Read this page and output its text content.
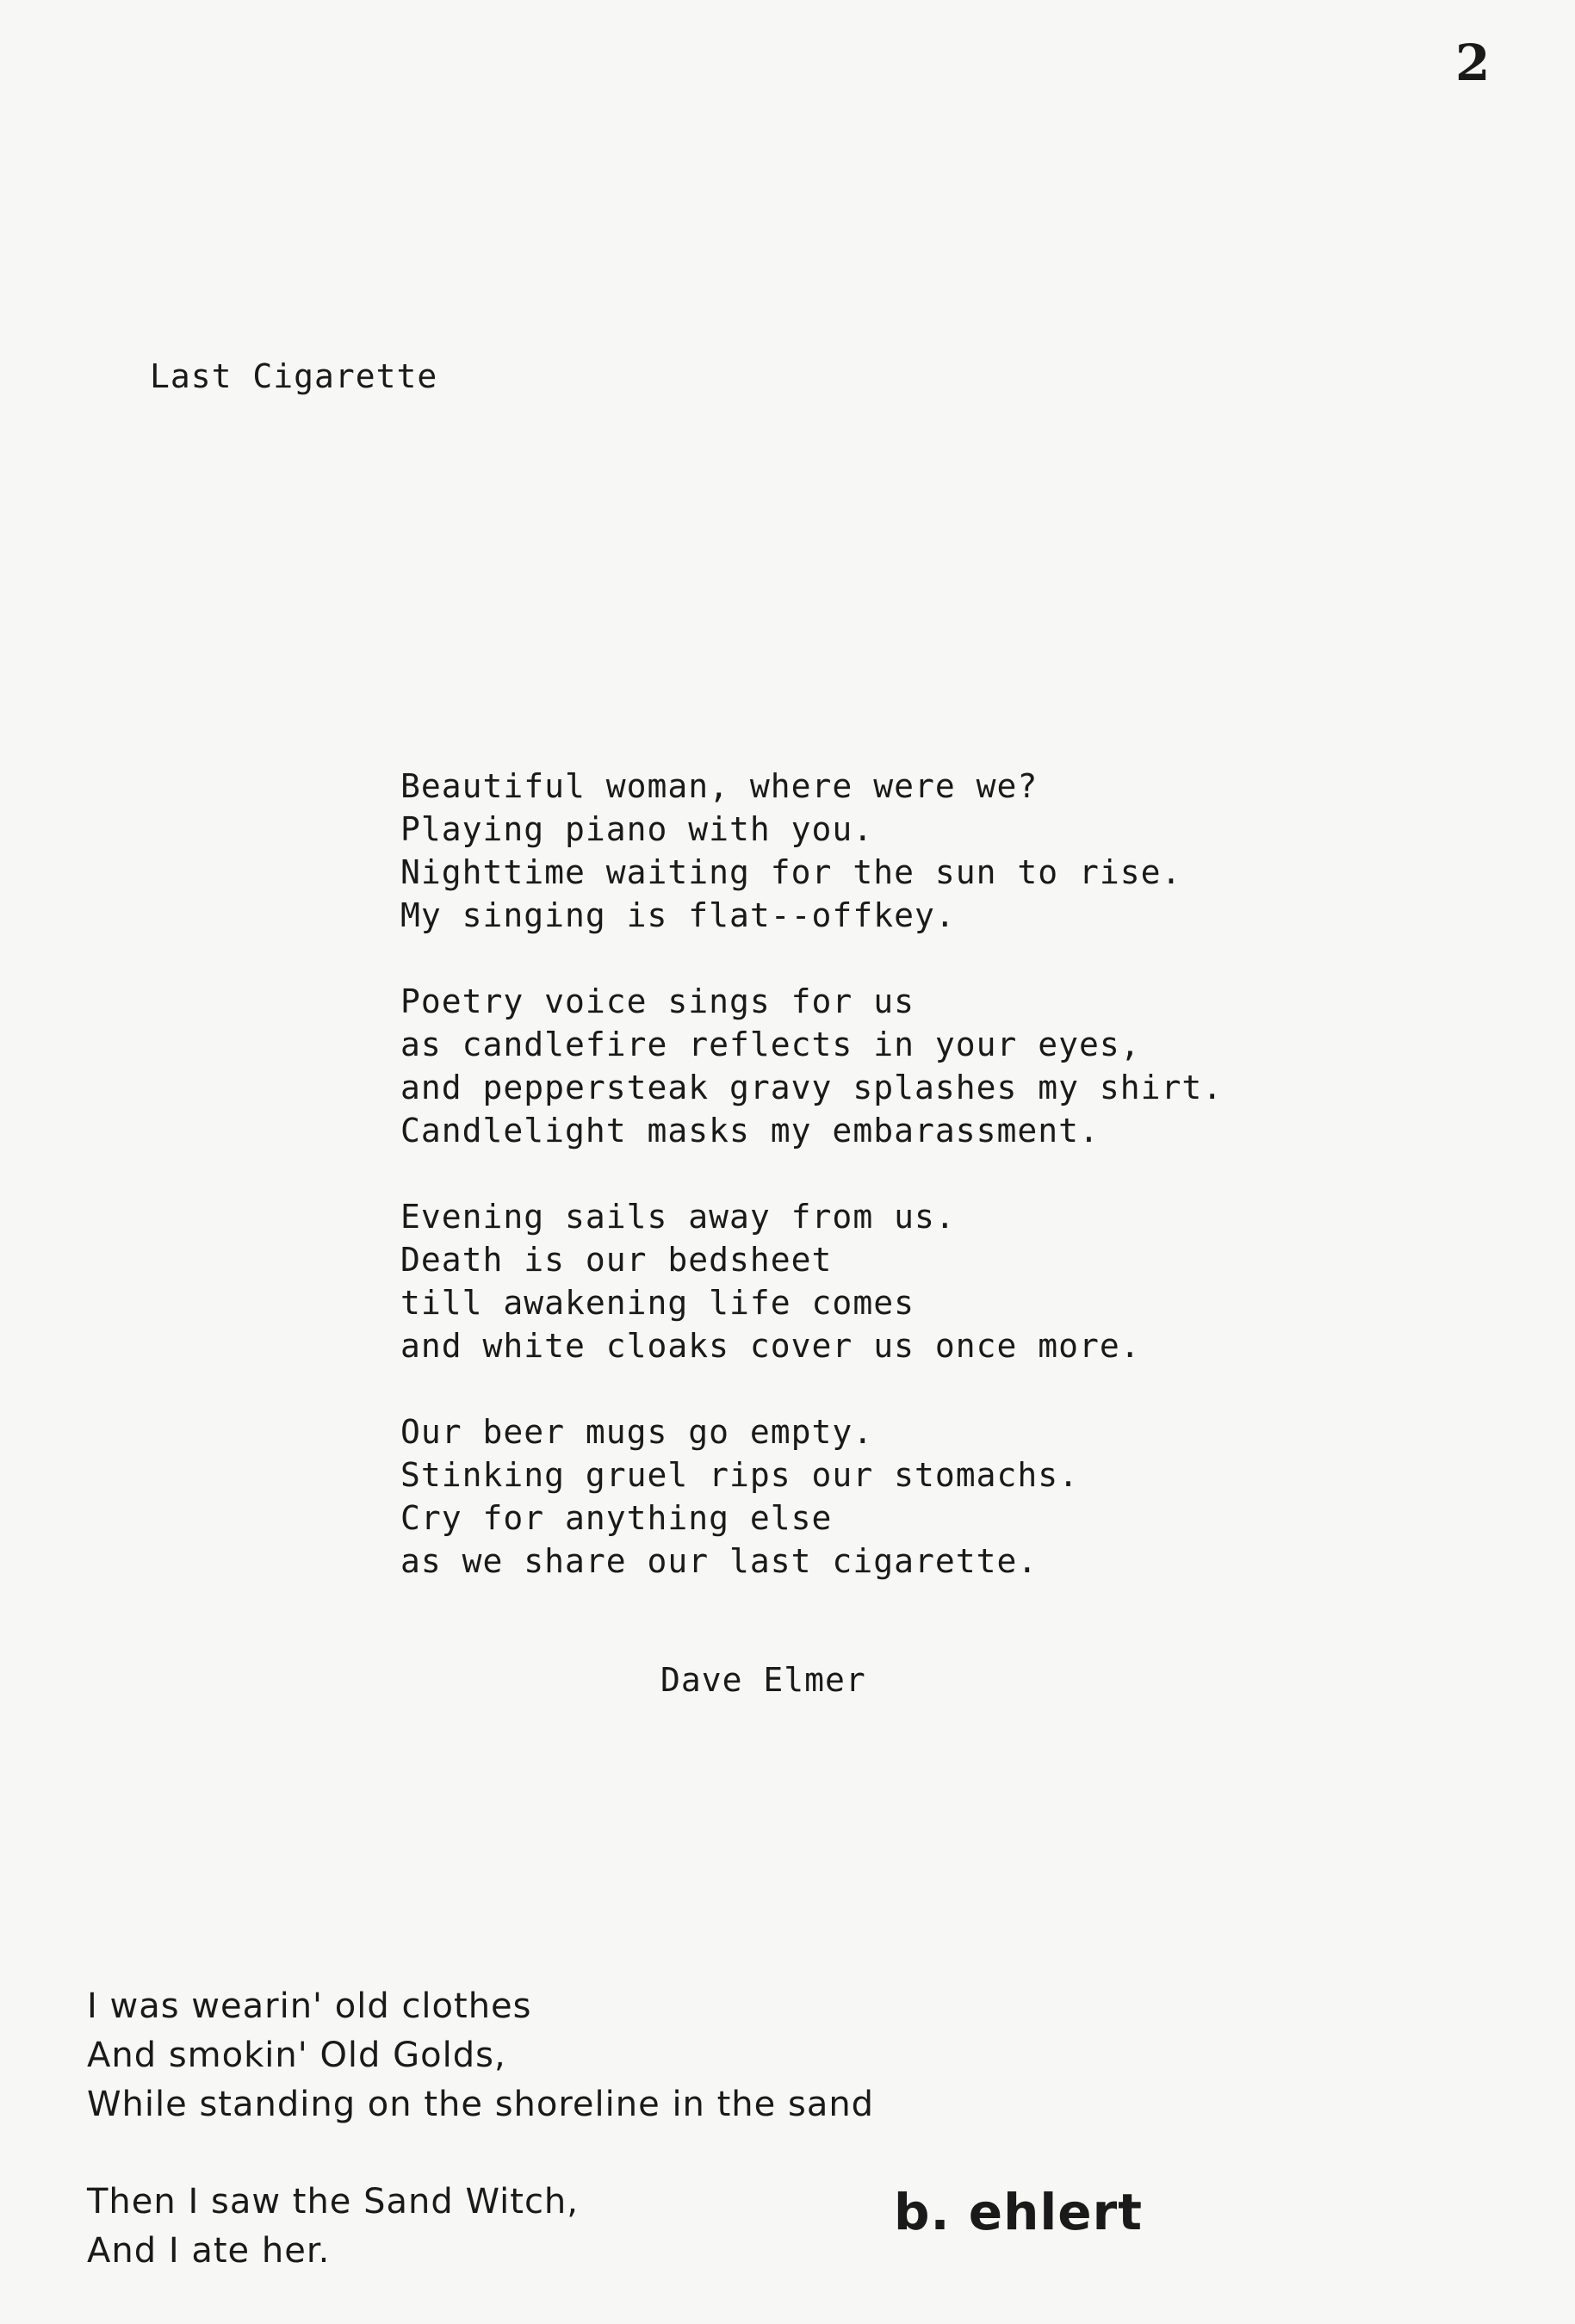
2
Last Cigarette
Beautiful woman, where were we?
Playing piano with you.
Nighttime waiting for the sun to rise.
My singing is flat--offkey.
Poetry voice sings for us
as candlefire reflects in your eyes,
and peppersteak gravy splashes my shirt.
Candlelight masks my embarassment.
Evening sails away from us.
Death is our bedsheet
till awakening life comes
and white cloaks cover us once more.
Our beer mugs go empty.
Stinking gruel rips our stomachs.
Cry for anything else
as we share our last cigarette.
Dave Elmer
I was wearin' old clothes
And smokin' Old Golds,
While standing on the shoreline in the sand
Then I saw the Sand Witch,
And I ate her.
b. ehlert
